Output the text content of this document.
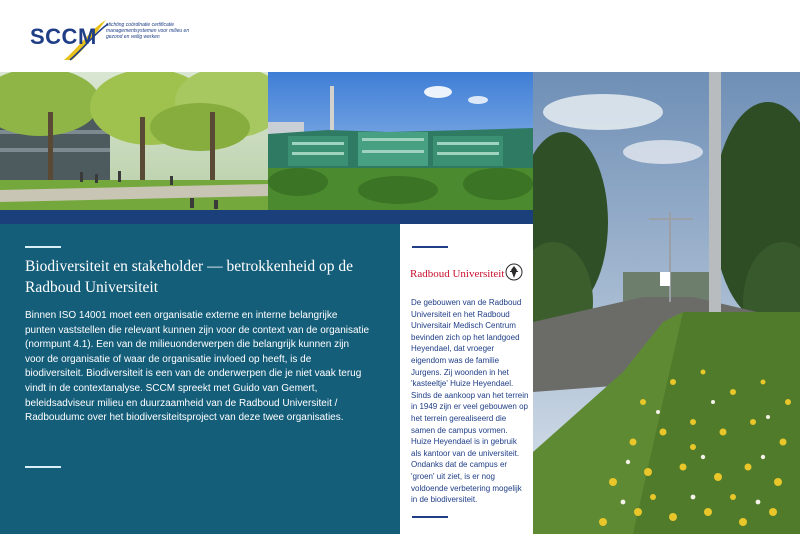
SCCM stichting coördinatie certificatie managementsystemen voor milieu en gezond en veilig werken
Biodiversiteit en stakeholder — betrokkenheid op de Radboud Universiteit

Binnen ISO 14001 moet een organisatie externe en interne belangrijke punten vaststellen die relevant kunnen zijn voor de context van de organisatie (normpunt 4.1). Een van de milieuonderwerpen die belangrijk kunnen zijn voor de organisatie of waar de organisatie invloed op heeft, is de biodiversiteit. Biodiversiteit is een van de onderwerpen die je niet vaak terug vindt in de contextanalyse. SCCM spreekt met Guido van Gemert, beleidsadviseur milieu en duurzaamheid van de Radboud Universiteit / Radboudumc over het biodiversiteitsproject van deze twee organisaties.

Radboud Universiteit

De gebouwen van de Radboud Universiteit en het Radboud Universitair Medisch Centrum bevinden zich op het landgoed Heyendael, dat vroeger eigendom was de familie Jurgens. Zij woonden in het 'kasteeltje' Huize Heyendael. Sinds de aankoop van het terrein in 1949 zijn er veel gebouwen op het terrein gerealiseerd die samen de campus vormen. Huize Heyendael is in gebruik als kantoor van de universiteit. Ondanks dat de campus er 'groen' uit ziet, is er nog voldoende verbetering mogelijk in de biodiversiteit.
